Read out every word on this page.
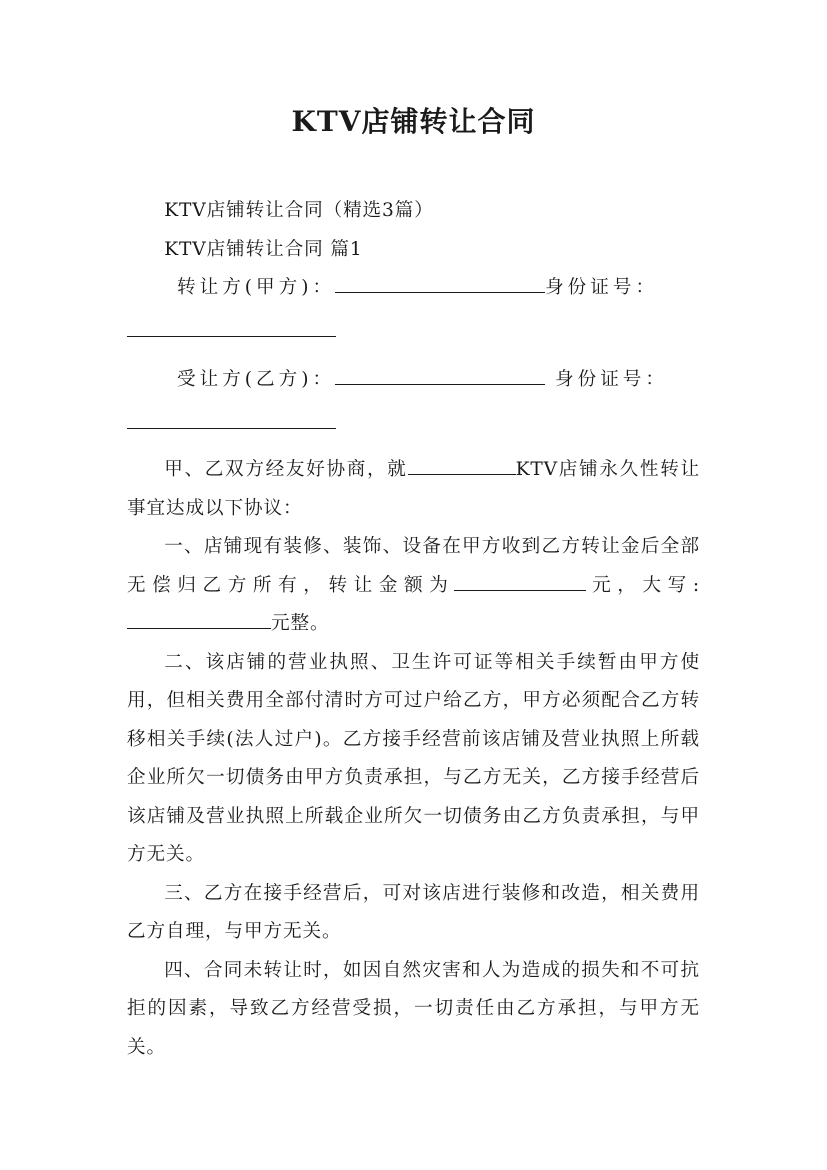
KTV店铺转让合同

KTV店铺转让合同（精选3篇）

KTV店铺转让合同 篇1

转让方(甲方)：	身份证号：
受让方(乙方)：	身份证号：

甲、乙双方经友好协商，就	KTV店铺永久性转让事宜达成以下协议：

一、店铺现有装修、装饰、设备在甲方收到乙方转让金后全部无偿归乙方所有，转让金额为	元，大写:元整。

二、该店铺的营业执照、卫生许可证等相关手续暂由甲方使用，但相关费用全部付清时方可过户给乙方，甲方必须配合乙方转移相关手续(法人过户)。乙方接手经营前该店铺及营业执照上所载企业所欠一切债务由甲方负责承担，与乙方无关，乙方接手经营后该店铺及营业执照上所载企业所欠一切债务由乙方负责承担，与甲方无关。

三、乙方在接手经营后，可对该店进行装修和改造，相关费用乙方自理，与甲方无关。

四、合同未转让时，如因自然灾害和人为造成的损失和不可抗拒的因素，导致乙方经营受损，一切责任由乙方承担，与甲方无关。
